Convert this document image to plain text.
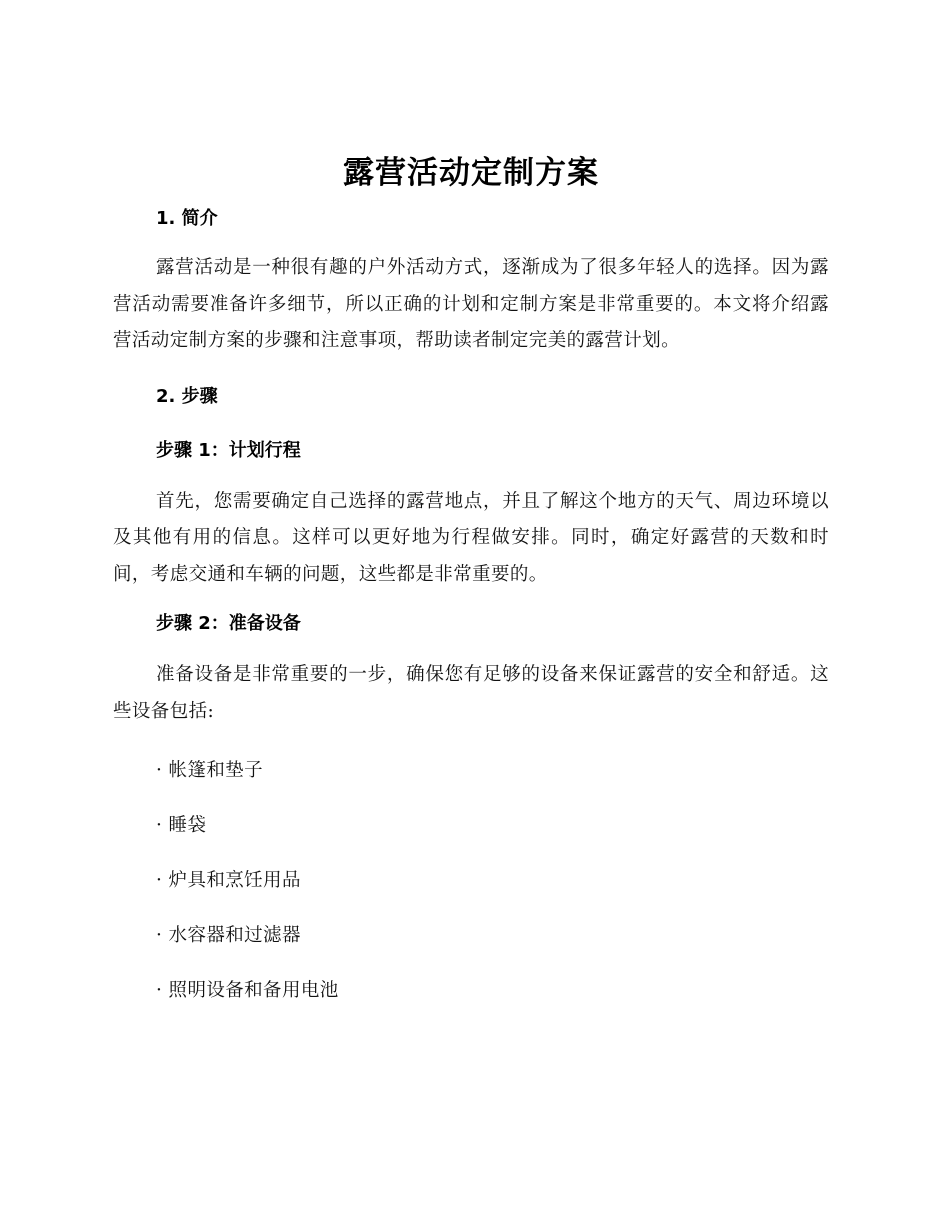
露营活动定制方案
1. 简介

露营活动是一种很有趣的户外活动方式，逐渐成为了很多年轻人的选择。因为露营活动需要准备许多细节，所以正确的计划和定制方案是非常重要的。本文将介绍露营活动定制方案的步骤和注意事项，帮助读者制定完美的露营计划。

2. 步骤
步骤 1：计划行程

首先，您需要确定自己选择的露营地点，并且了解这个地方的天气、周边环境以及其他有用的信息。这样可以更好地为行程做安排。同时，确定好露营的天数和时间，考虑交通和车辆的问题，这些都是非常重要的。

步骤 2：准备设备

准备设备是非常重要的一步，确保您有足够的设备来保证露营的安全和舒适。这些设备包括:

· 帐篷和垫子
· 睡袋
· 炉具和烹饪用品
· 水容器和过滤器
· 照明设备和备用电池
